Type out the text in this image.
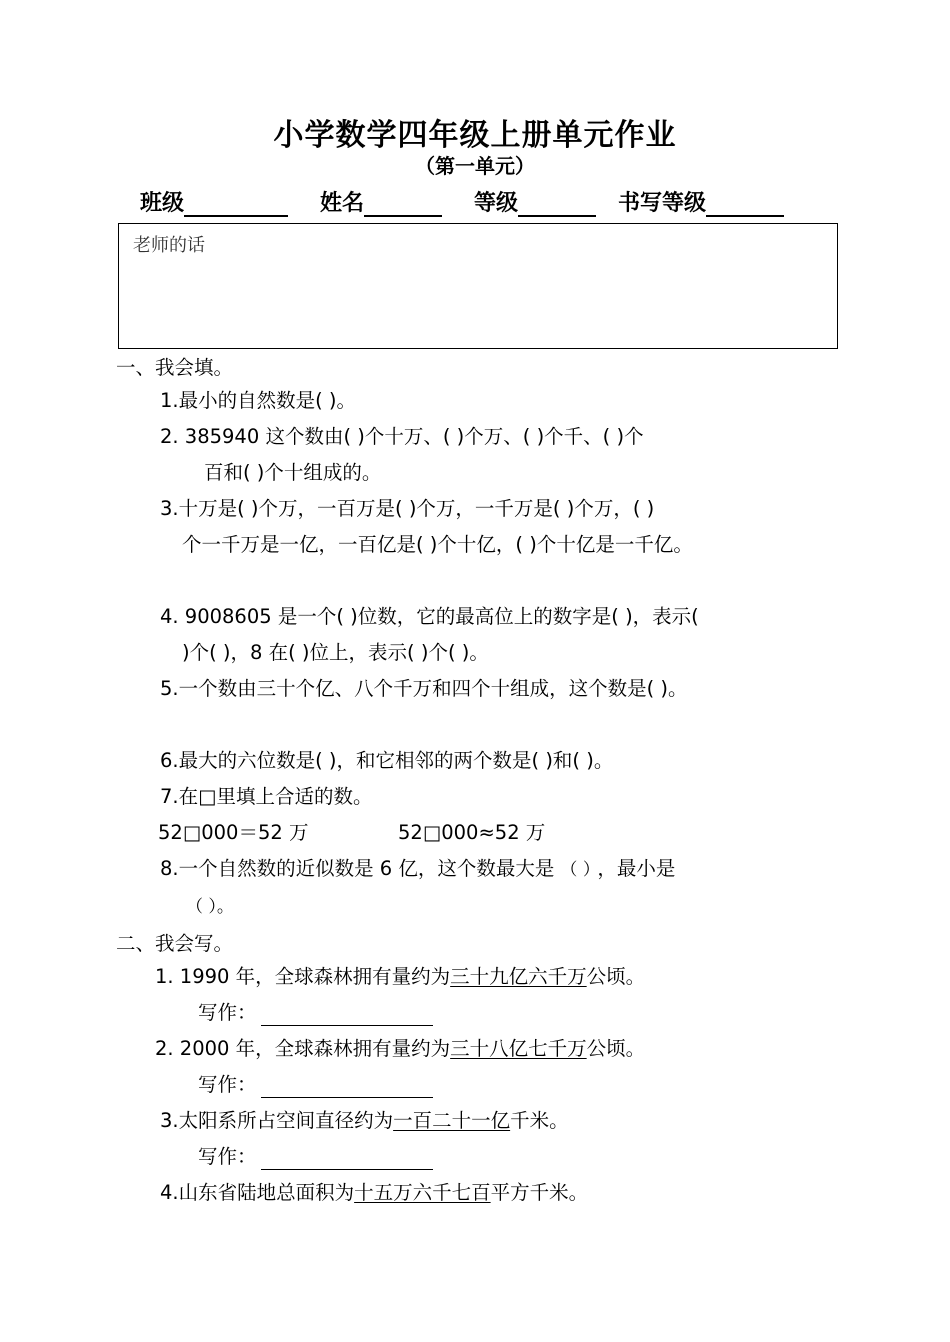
小学数学四年级上册单元作业
（第一单元）
班级	姓名	等级	书写等级
老师的话
一、我会填。
1.最小的自然数是( )。
2. 385940 这个数由( )个十万、( )个万、( )个千、( )个
百和( )个十组成的。
3.十万是( )个万，一百万是( )个万，一千万是( )个万，( )
个一千万是一亿，一百亿是( )个十亿，( )个十亿是一千亿。
4. 9008605 是一个( )位数，它的最高位上的数字是( )，表示(
)个( )，8 在( )位上，表示( )个( )。
5.一个数由三十个亿、八个千万和四个十组成，这个数是( )。
6.最大的六位数是( )，和它相邻的两个数是( )和( )。
7.在□里填上合适的数。
52□000＝52 万	52□000≈52 万
8.一个自然数的近似数是 6 亿，这个数最大是 （ ） ，最小是
（ ）。
二、我会写。
1. 1990 年，全球森林拥有量约为三十九亿六千万公顷。
写作：
2. 2000 年，全球森林拥有量约为三十八亿七千万公顷。
写作：
3.太阳系所占空间直径约为一百二十一亿千米。
写作：
4.山东省陆地总面积为十五万六千七百平方千米。
